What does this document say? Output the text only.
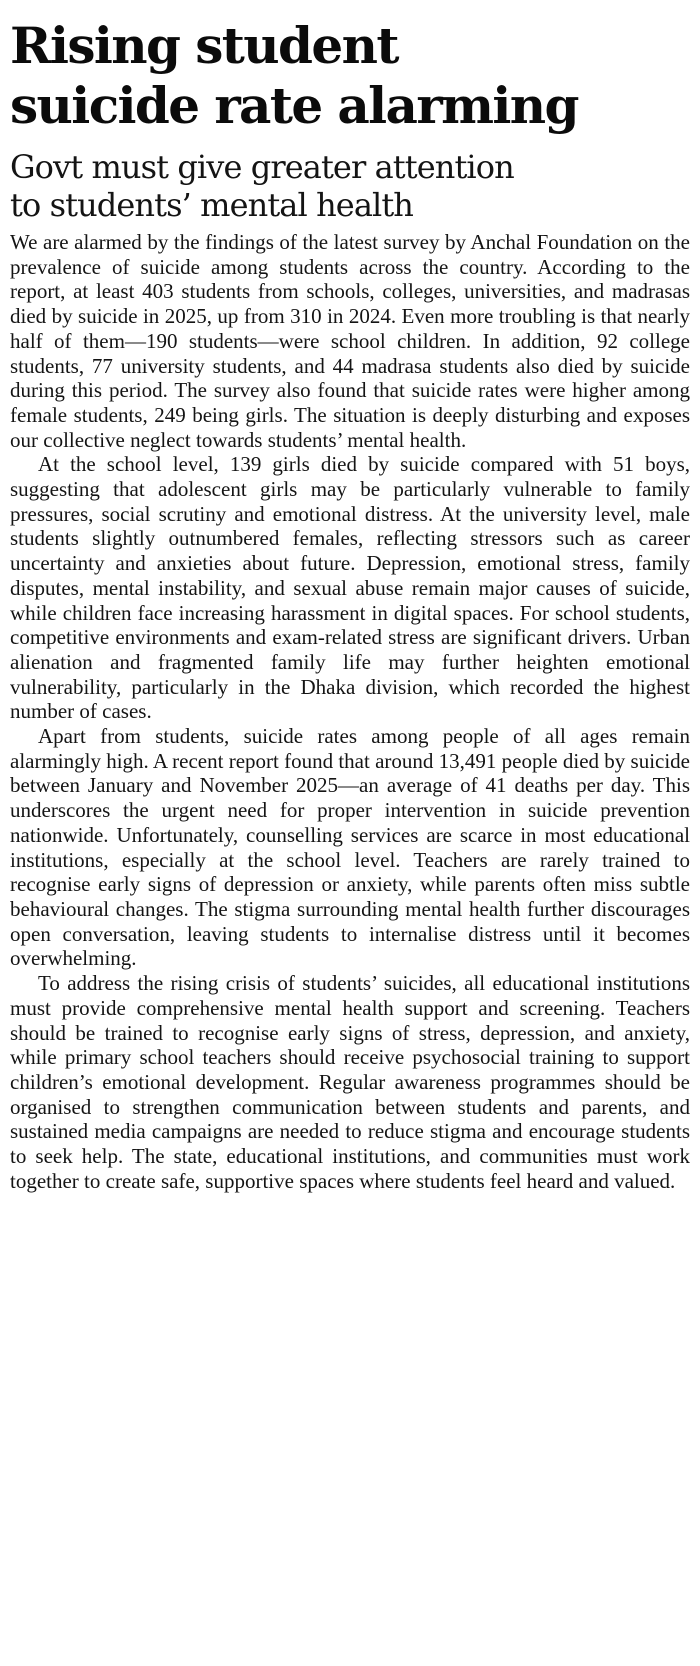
Rising student
suicide rate alarming
Govt must give greater attention
to students’ mental health

We are alarmed by the findings of the latest survey by Anchal Foundation on the prevalence of suicide among students across the country. According to the report, at least 403 students from schools, colleges, universities, and madrasas died by suicide in 2025, up from 310 in 2024. Even more troubling is that nearly half of them—190 students—were school children. In addition, 92 college students, 77 university students, and 44 madrasa students also died by suicide during this period. The survey also found that suicide rates were higher among female students, 249 being girls. The situation is deeply disturbing and exposes our collective neglect towards students’ mental health.

At the school level, 139 girls died by suicide compared with 51 boys, suggesting that adolescent girls may be particularly vulnerable to family pressures, social scrutiny and emotional distress. At the university level, male students slightly outnumbered females, reflecting stressors such as career uncertainty and anxieties about future. Depression, emotional stress, family disputes, mental instability, and sexual abuse remain major causes of suicide, while children face increasing harassment in digital spaces. For school students, competitive environments and exam-related stress are significant drivers. Urban alienation and fragmented family life may further heighten emotional vulnerability, particularly in the Dhaka division, which recorded the highest number of cases.

Apart from students, suicide rates among people of all ages remain alarmingly high. A recent report found that around 13,491 people died by suicide between January and November 2025—an average of 41 deaths per day. This underscores the urgent need for proper intervention in suicide prevention nationwide. Unfortunately, counselling services are scarce in most educational institutions, especially at the school level. Teachers are rarely trained to recognise early signs of depression or anxiety, while parents often miss subtle behavioural changes. The stigma surrounding mental health further discourages open conversation, leaving students to internalise distress until it becomes overwhelming.

To address the rising crisis of students’ suicides, all educational institutions must provide comprehensive mental health support and screening. Teachers should be trained to recognise early signs of stress, depression, and anxiety, while primary school teachers should receive psychosocial training to support children’s emotional development. Regular awareness programmes should be organised to strengthen communication between students and parents, and sustained media campaigns are needed to reduce stigma and encourage students to seek help. The state, educational institutions, and communities must work together to create safe, supportive spaces where students feel heard and valued.
